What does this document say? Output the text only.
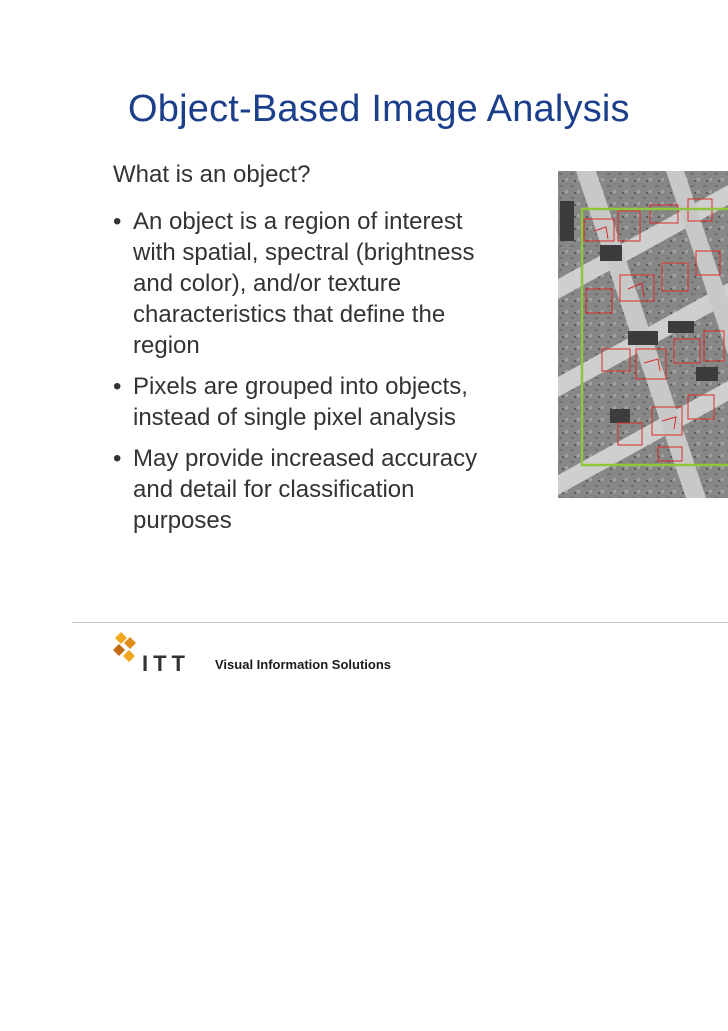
Object-Based Image Analysis
What is an object?
• An object is a region of interest
with spatial, spectral (brightness
and color), and/or texture
characteristics that define the
region
• Pixels are grouped into objects,
instead of single pixel analysis
• May provide increased accuracy
and detail for classification
purposes
ITT Visual Information Solutions
